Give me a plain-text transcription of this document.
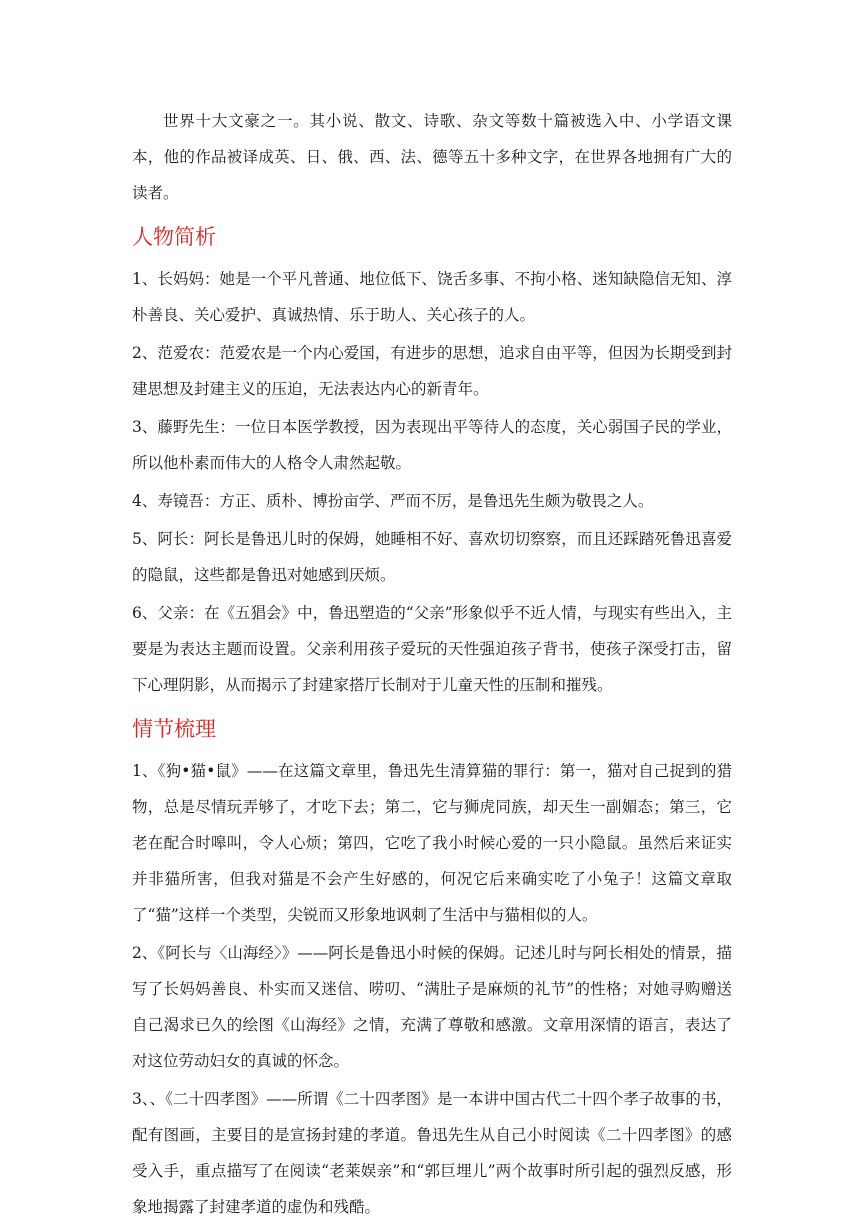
世界十大文豪之一。其小说、散文、诗歌、杂文等数十篇被选入中、小学语文课本，他的作品被译成英、日、俄、西、法、德等五十多种文字，在世界各地拥有广大的读者。

人物简析

1、长妈妈：她是一个平凡普通、地位低下、饶舌多事、不拘小格、迷知缺隐信无知、淳朴善良、关心爱护、真诚热情、乐于助人、关心孩子的人。

2、范爱农：范爱农是一个内心爱国，有进步的思想，追求自由平等，但因为长期受到封建思想及封建主义的压迫，无法表达内心的新青年。

3、藤野先生：一位日本医学教授，因为表现出平等待人的态度，关心弱国子民的学业，所以他朴素而伟大的人格令人肃然起敬。

4、寿镜吾：方正、质朴、博扮亩学、严而不厉，是鲁迅先生颇为敬畏之人。

5、阿长：阿长是鲁迅儿时的保姆，她睡相不好、喜欢切切察察，而且还踩踏死鲁迅喜爱的隐鼠，这些都是鲁迅对她感到厌烦。

6、父亲：在《五猖会》中，鲁迅塑造的“父亲”形象似乎不近人情，与现实有些出入，主要是为表达主题而设置。父亲利用孩子爱玩的天性强迫孩子背书，使孩子深受打击，留下心理阴影，从而揭示了封建家搭厅长制对于儿童天性的压制和摧残。

情节梳理

1、《狗•猫•鼠》——在这篇文章里，鲁迅先生清算猫的罪行：第一，猫对自己捉到的猎物，总是尽情玩弄够了，才吃下去；第二，它与狮虎同族，却天生一副媚态；第三，它老在配合时嗥叫，令人心烦；第四，它吃了我小时候心爱的一只小隐鼠。虽然后来证实并非猫所害，但我对猫是不会产生好感的，何况它后来确实吃了小兔子！这篇文章取了“猫”这样一个类型，尖锐而又形象地讽刺了生活中与猫相似的人。

2、《阿长与〈山海经〉》——阿长是鲁迅小时候的保姆。记述儿时与阿长相处的情景，描写了长妈妈善良、朴实而又迷信、唠叨、“满肚子是麻烦的礼节”的性格；对她寻购赠送自己渴求已久的绘图《山海经》之情，充满了尊敬和感激。文章用深情的语言，表达了对这位劳动妇女的真诚的怀念。

3、、《二十四孝图》——所谓《二十四孝图》是一本讲中国古代二十四个孝子故事的书，配有图画，主要目的是宣扬封建的孝道。鲁迅先生从自己小时阅读《二十四孝图》的感受入手，重点描写了在阅读“老莱娱亲”和“郭巨埋儿”两个故事时所引起的强烈反感，形象地揭露了封建孝道的虚伪和残酷。
